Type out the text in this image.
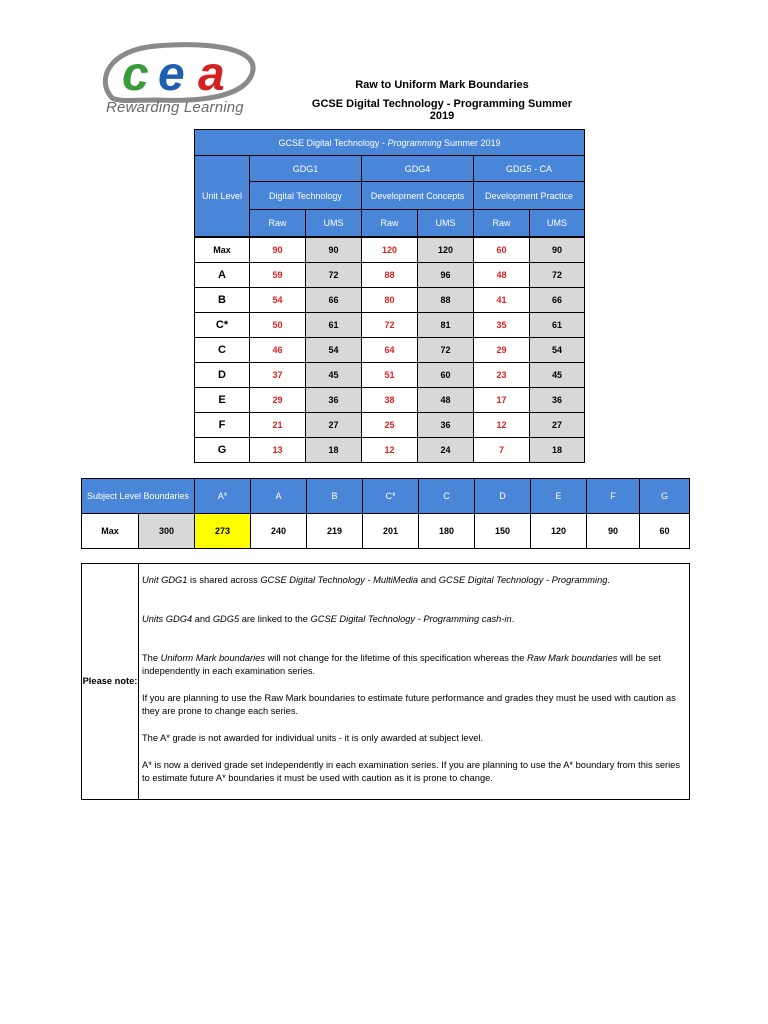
c e a
Rewarding Learning
Raw to Uniform Mark Boundaries
GCSE Digital Technology - Programming Summer 2019
GCSE Digital Technology - Programming Summer 2019						
Unit Level	GDG1		GDG4		GDG5 - CA	
	Digital Technology		Development Concepts		Development Practice	
	Raw	UMS	Raw	UMS	Raw	UMS
Max	90	90	120	120	60	90
A	59	72	88	96	48	72
B	54	66	80	88	41	66
C*	50	61	72	81	35	61
C	46	54	64	72	29	54
D	37	45	51	60	23	45
E	29	36	38	48	17	36
F	21	27	25	36	12	27
G	13	18	12	24	7	18
Subject Level Boundaries		A*	A	B	C*	C	D	E	F	G
Max	300	273	240	219	201	180	150	120	90	60
Please note:	

Unit GDG1 is shared across GCSE Digital Technology - MultiMedia and GCSE Digital Technology - Programming.

Units GDG4 and GDG5 are linked to the GCSE Digital Technology - Programming cash-in.

The Uniform Mark boundaries will not change for the lifetime of this specification whereas the Raw Mark boundaries will be set independently in each examination series.

If you are planning to use the Raw Mark boundaries to estimate future performance and grades they must be used with caution as they are prone to change each series.

The A* grade is not awarded for individual units - it is only awarded at subject level.

A* is now a derived grade set independently in each examination series. If you are planning to use the A* boundary from this series to estimate future A* boundaries it must be used with caution as it is prone to change.
